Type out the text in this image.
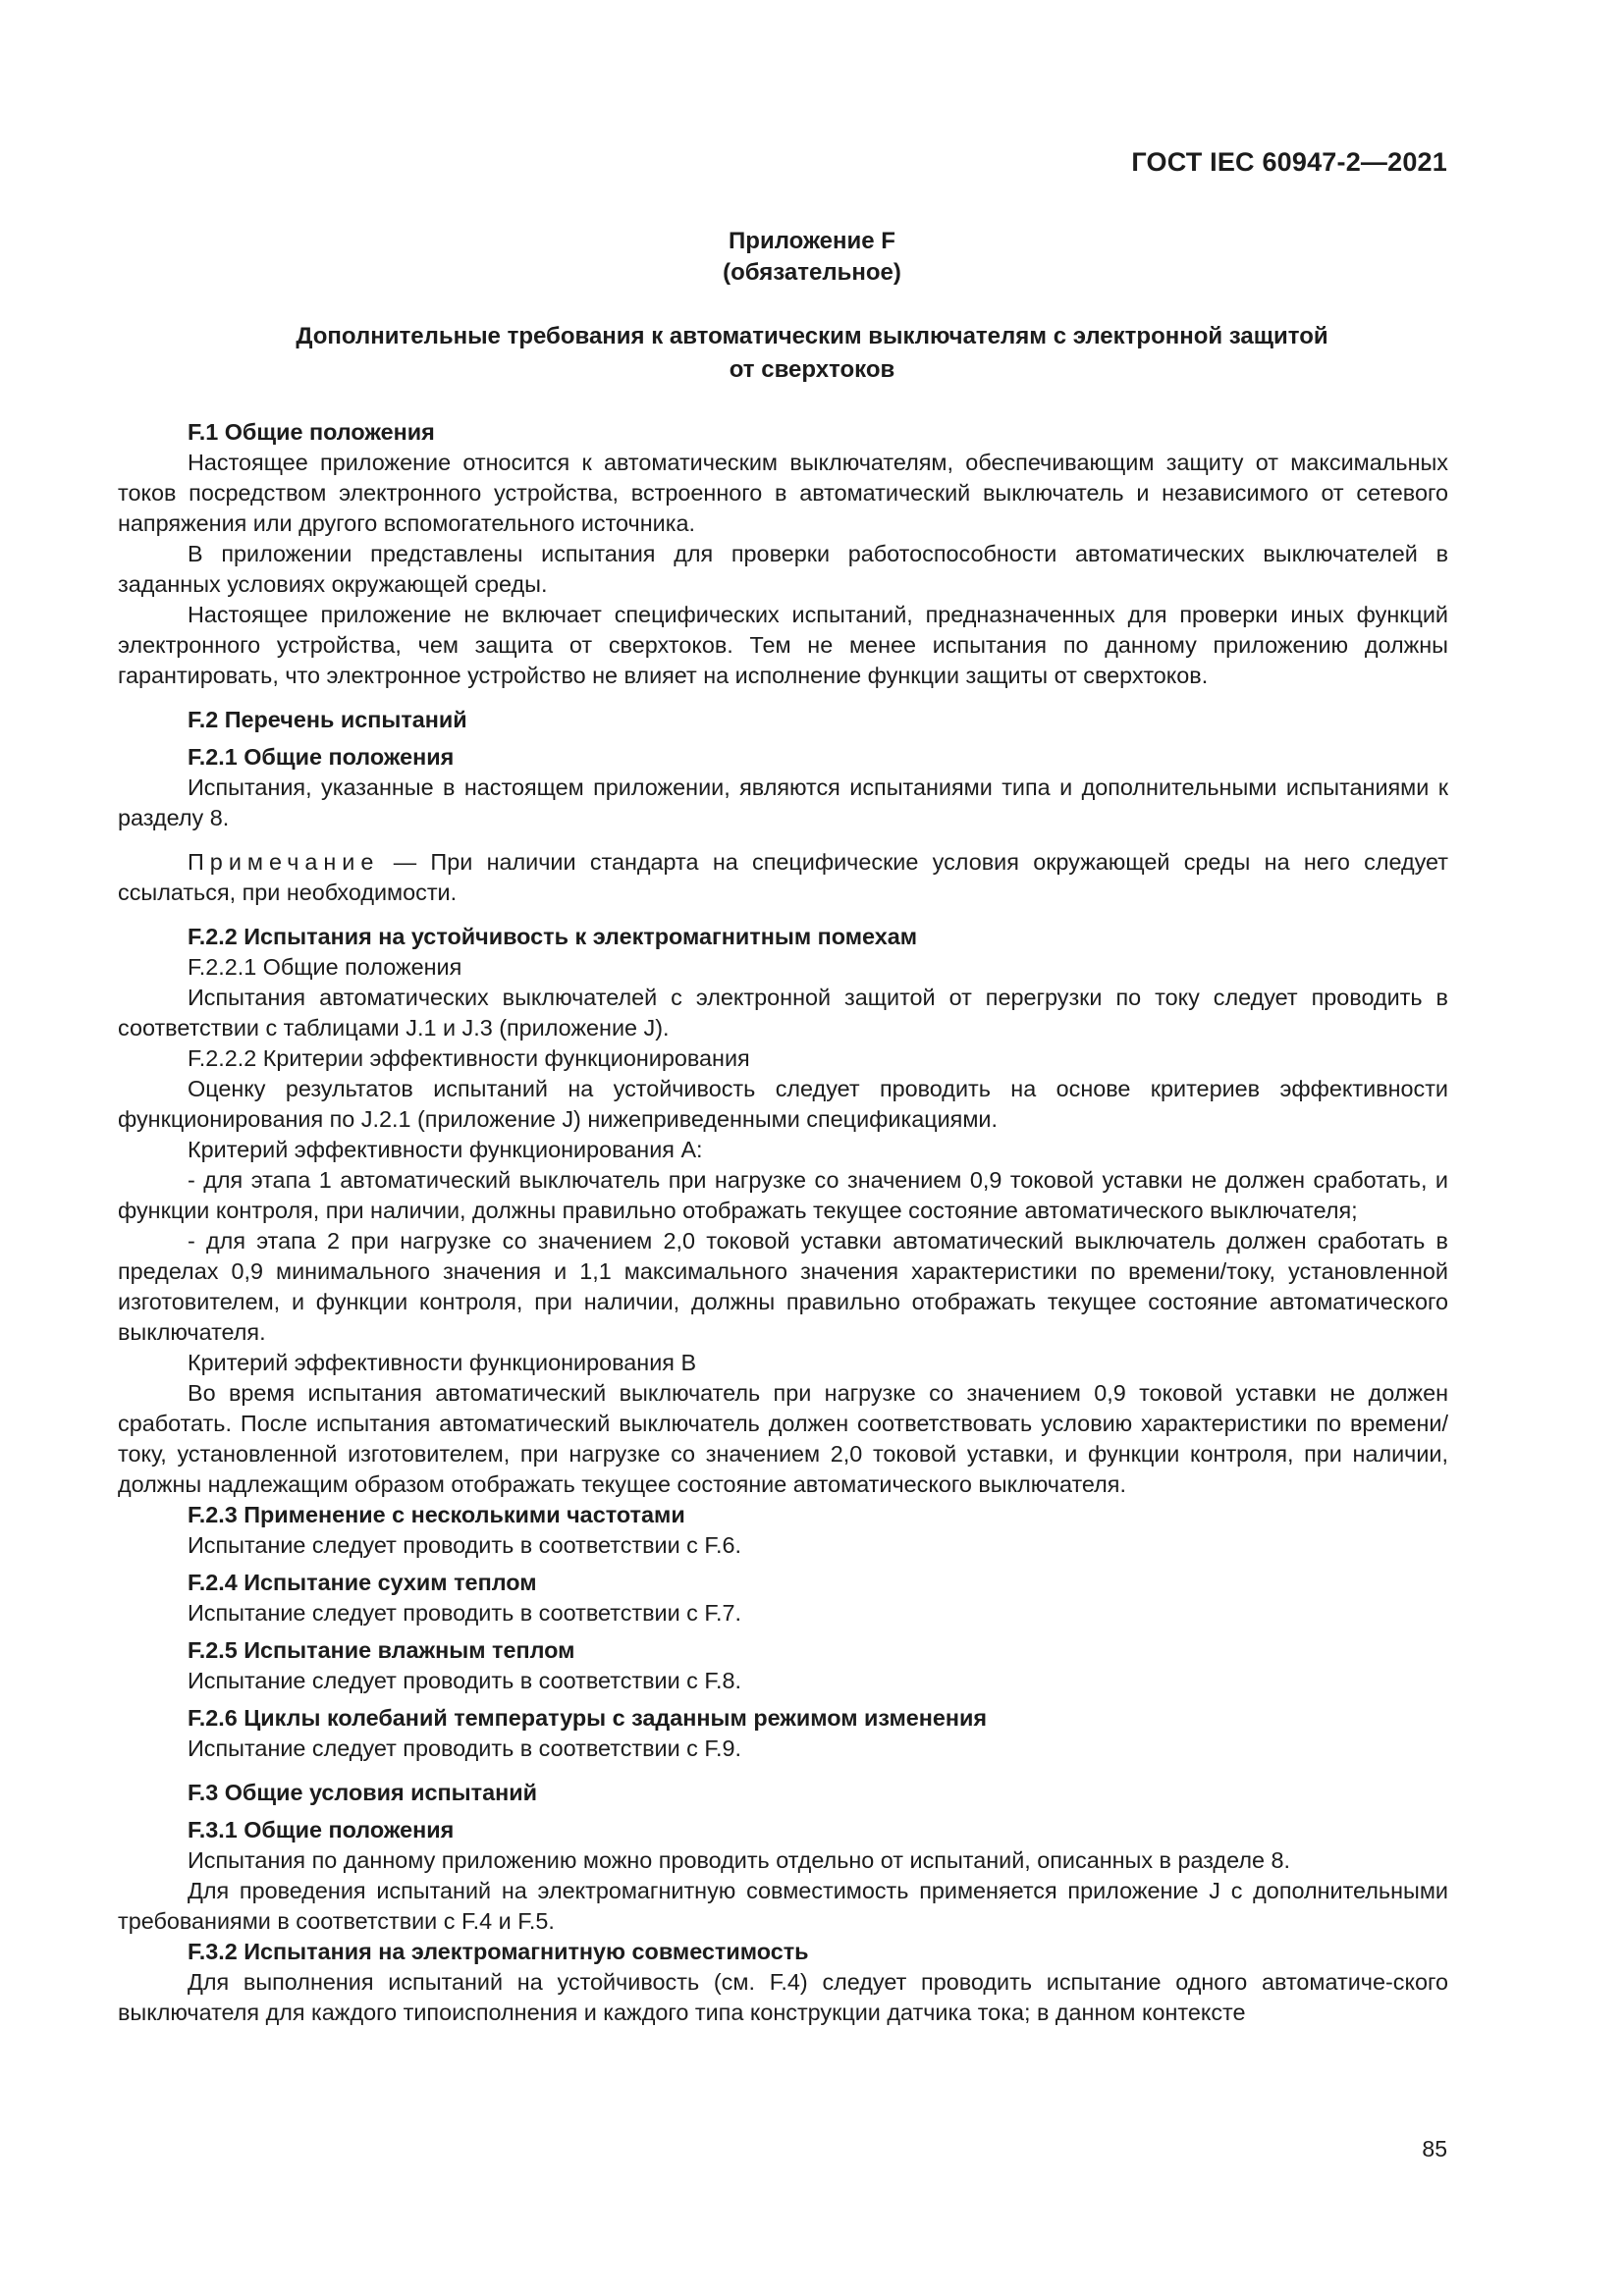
ГОСТ IEC 60947-2—2021
Приложение F
(обязательное)
Дополнительные требования к автоматическим выключателям с электронной защитой
от сверхтоков

F.1 Общие положения

Настоящее приложение относится к автоматическим выключателям, обеспечивающим защиту от максимальных токов посредством электронного устройства, встроенного в автоматический выключатель и независимого от сетевого напряжения или другого вспомогательного источника.

В приложении представлены испытания для проверки работоспособности автоматических выключателей в заданных условиях окружающей среды.

Настоящее приложение не включает специфических испытаний, предназначенных для проверки иных функций электронного устройства, чем защита от сверхтоков. Тем не менее испытания по данному приложению должны гарантировать, что электронное устройство не влияет на исполнение функции защиты от сверхтоков.

F.2 Перечень испытаний

F.2.1 Общие положения

Испытания, указанные в настоящем приложении, являются испытаниями типа и дополнительными испытаниями к разделу 8.

Примечание — При наличии стандарта на специфические условия окружающей среды на него следует ссылаться, при необходимости.

F.2.2 Испытания на устойчивость к электромагнитным помехам

F.2.2.1 Общие положения

Испытания автоматических выключателей с электронной защитой от перегрузки по току следует проводить в соответствии с таблицами J.1 и J.3 (приложение J).

F.2.2.2 Критерии эффективности функционирования

Оценку результатов испытаний на устойчивость следует проводить на основе критериев эффективности функционирования по J.2.1 (приложение J) нижеприведенными спецификациями.

Критерий эффективности функционирования A:

- для этапа 1 автоматический выключатель при нагрузке со значением 0,9 токовой уставки не должен сработать, и функции контроля, при наличии, должны правильно отображать текущее состояние автоматического выключателя;

- для этапа 2 при нагрузке со значением 2,0 токовой уставки автоматический выключатель должен сработать в пределах 0,9 минимального значения и 1,1 максимального значения характеристики по времени/току, установленной изготовителем, и функции контроля, при наличии, должны правильно отображать текущее состояние автоматического выключателя.

Критерий эффективности функционирования B

Во время испытания автоматический выключатель при нагрузке со значением 0,9 токовой уставки не должен сработать. После испытания автоматический выключатель должен соответствовать условию характеристики по времени/току, установленной изготовителем, при нагрузке со значением 2,0 токовой уставки, и функции контроля, при наличии, должны надлежащим образом отображать текущее состояние автоматического выключателя.

F.2.3 Применение с несколькими частотами

Испытание следует проводить в соответствии с F.6.

F.2.4 Испытание сухим теплом

Испытание следует проводить в соответствии с F.7.

F.2.5 Испытание влажным теплом

Испытание следует проводить в соответствии с F.8.

F.2.6 Циклы колебаний температуры с заданным режимом изменения

Испытание следует проводить в соответствии с F.9.

F.3 Общие условия испытаний

F.3.1 Общие положения

Испытания по данному приложению можно проводить отдельно от испытаний, описанных в разделе 8.

Для проведения испытаний на электромагнитную совместимость применяется приложение J с дополнительными требованиями в соответствии с F.4 и F.5.

F.3.2 Испытания на электромагнитную совместимость

Для выполнения испытаний на устойчивость (см. F.4) следует проводить испытание одного автоматиче-ского выключателя для каждого типоисполнения и каждого типа конструкции датчика тока; в данном контексте

85
